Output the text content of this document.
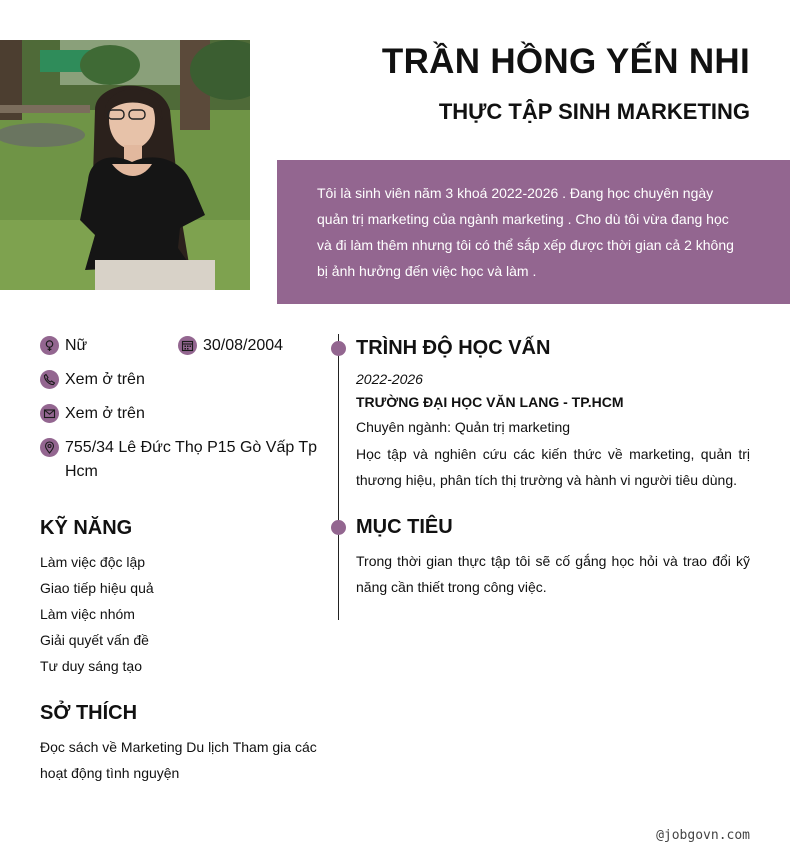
TRẦN HỒNG YẾN NHI
THỰC TẬP SINH MARKETING
Tôi là sinh viên năm 3 khoá 2022-2026 . Đang học chuyên ngày quản trị marketing của ngành marketing . Cho dù tôi vừa đang học và đi làm thêm nhưng tôi có thể sắp xếp được thời gian cả 2 không bị ảnh hưởng đến việc học và làm .
Nữ	30/08/2004
Xem ở trên
Xem ở trên
755/34 Lê Đức Thọ P15 Gò Vấp Tp Hcm
KỸ NĂNG
Làm việc độc lập
Giao tiếp hiệu quả
Làm việc nhóm
Giải quyết vấn đề
Tư duy sáng tạo
SỞ THÍCH
Đọc sách về Marketing Du lịch Tham gia các hoạt động tình nguyện
TRÌNH ĐỘ HỌC VẤN
2022-2026
TRƯỜNG ĐẠI HỌC VĂN LANG - TP.HCM
Chuyên ngành: Quản trị marketing
Học tập và nghiên cứu các kiến thức về marketing, quản trị thương hiệu, phân tích thị trường và hành vi người tiêu dùng.
MỤC TIÊU
Trong thời gian thực tập tôi sẽ cố gắng học hỏi và trao đổi kỹ năng cần thiết trong công việc.
@jobgovn.com
